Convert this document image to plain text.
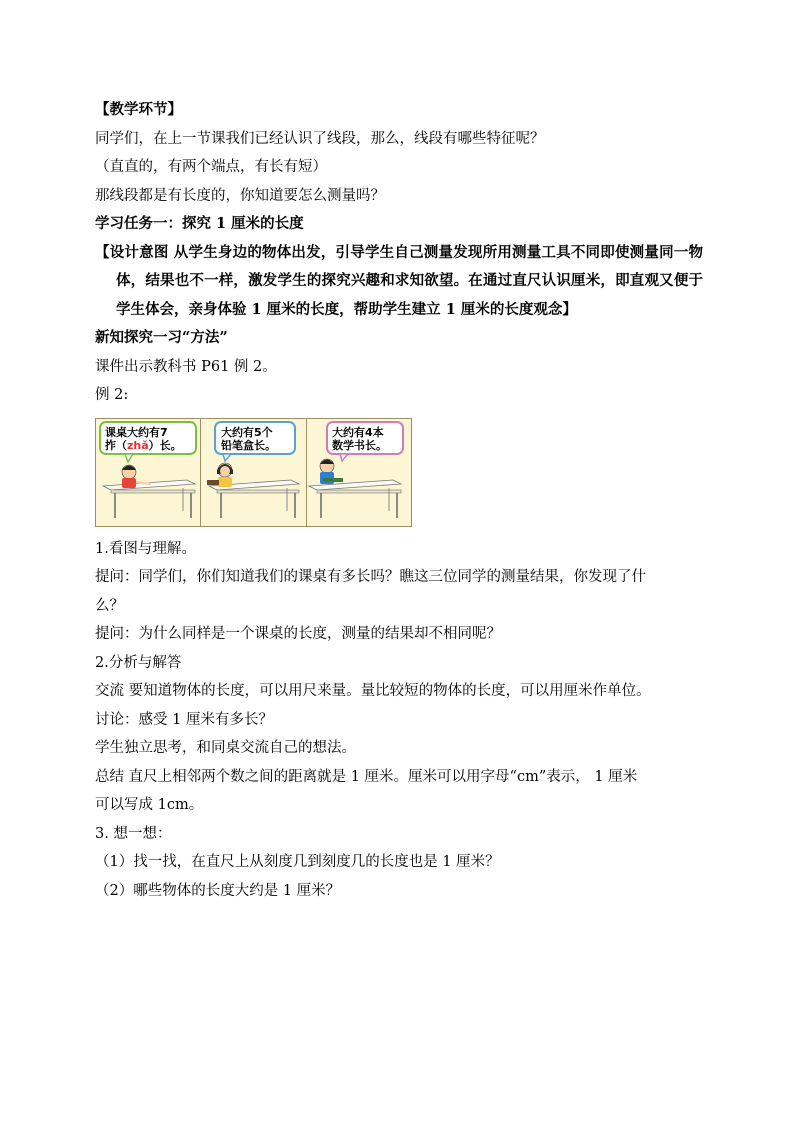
【教学环节】
同学们，在上一节课我们已经认识了线段，那么，线段有哪些特征呢？
（直直的，有两个端点，有长有短）
那线段都是有长度的，你知道要怎么测量吗？
学习任务一：探究 1 厘米的长度
【设计意图 从学生身边的物体出发，引导学生自己测量发现所用测量工具不同即使测量同一物体，结果也不一样，激发学生的探究兴趣和求知欲望。在通过直尺认识厘米，即直观又便于学生体会，亲身体验 1 厘米的长度，帮助学生建立 1 厘米的长度观念】
新知探究一习“方法”
课件出示教科书 P61 例 2。
例 2:
课桌大约有7
拃（zhǎ）长。
大约有5个
铅笔盒长。
大约有4本
数学书长。
1.看图与理解。
提问：同学们，你们知道我们的课桌有多长吗？瞧这三位同学的测量结果，你发现了什
么？
提问：为什么同样是一个课桌的长度，测量的结果却不相同呢？
2.分析与解答
交流 要知道物体的长度，可以用尺来量。量比较短的物体的长度，可以用厘米作单位。
讨论：感受 1 厘米有多长？
学生独立思考，和同桌交流自己的想法。
总结 直尺上相邻两个数之间的距离就是 1 厘米。厘米可以用字母“cm”表示， 1 厘米
可以写成 1cm。
3. 想一想：
（1）找一找，在直尺上从刻度几到刻度几的长度也是 1 厘米？
（2）哪些物体的长度大约是 1 厘米？
